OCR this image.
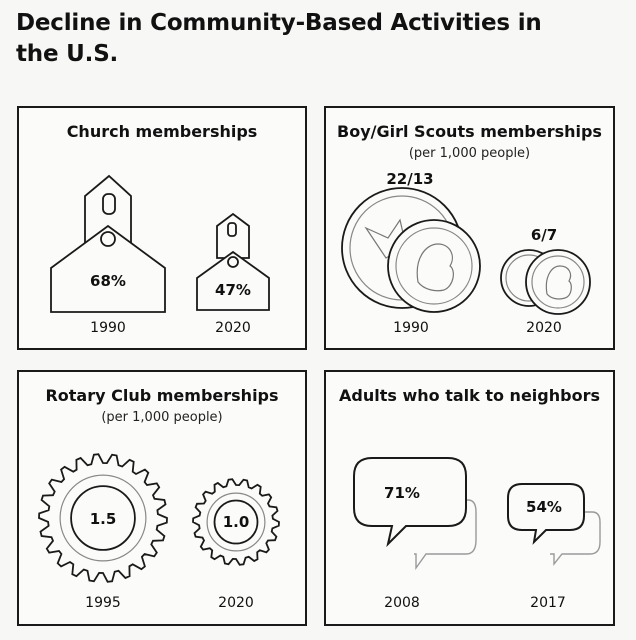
Decline in Community-Based Activities in the U.S.
Church memberships
68%	47%
1990	2020
Boy/Girl Scouts memberships
(per 1,000 people)
22/13
6/7
1990	2020
Rotary Club memberships
(per 1,000 people)
1.5	1.0
1995	2020
Adults who talk to neighbors
71%
54%
2008	2017
